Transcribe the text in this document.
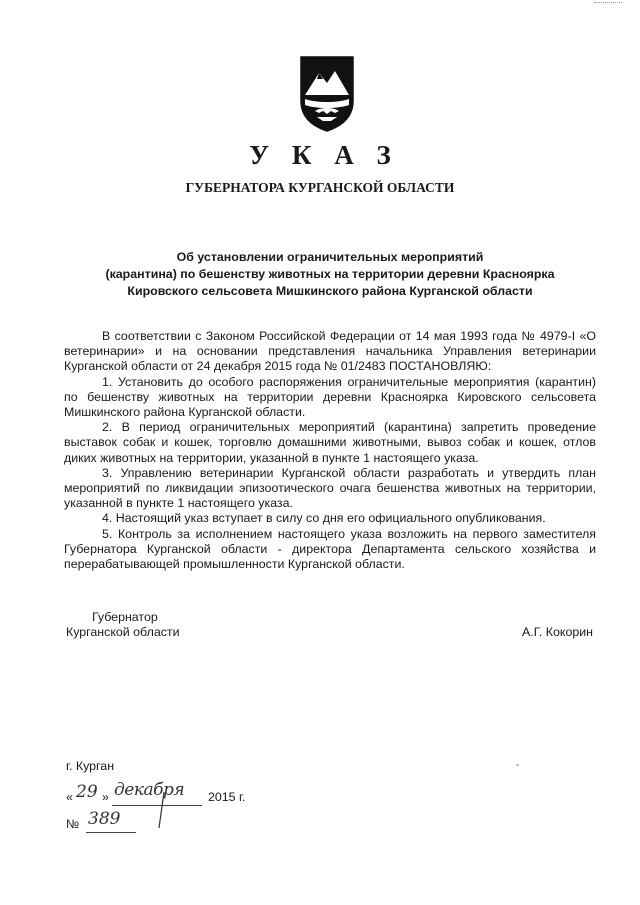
У К А З
ГУБЕРНАТОРА КУРГАНСКОЙ ОБЛАСТИ
Об установлении ограничительных мероприятий
(карантина) по бешенству животных на территории деревни Красноярка
Кировского сельсовета Мишкинского района Курганской области

В соответствии с Законом Российской Федерации от 14 мая 1993 года № 4979-I «О ветеринарии» и на основании представления начальника Управления ветеринарии Курганской области от 24 декабря 2015 года № 01/2483 ПОСТАНОВЛЯЮ:

1. Установить до особого распоряжения ограничительные мероприятия (карантин) по бешенству животных на территории деревни Красноярка Кировского сельсовета Мишкинского района Курганской области.

2. В период ограничительных мероприятий (карантина) запретить проведение выставок собак и кошек, торговлю домашними животными, вывоз собак и кошек, отлов диких животных на территории, указанной в пункте 1 настоящего указа.

3. Управлению ветеринарии Курганской области разработать и утвердить план мероприятий по ликвидации эпизоотического очага бешенства животных на территории, указанной в пункте 1 настоящего указа.

4. Настоящий указ вступает в силу со дня его официального опубликования.

5. Контроль за исполнением настоящего указа возложить на первого заместителя Губернатора Курганской области - директора Департамента сельского хозяйства и перерабатывающей промышленности Курганской области.

Губернатор
Курганской области	А.Г. Кокорин
г. Курган	-
« 29 » декабря 2015 г.
№ 389
